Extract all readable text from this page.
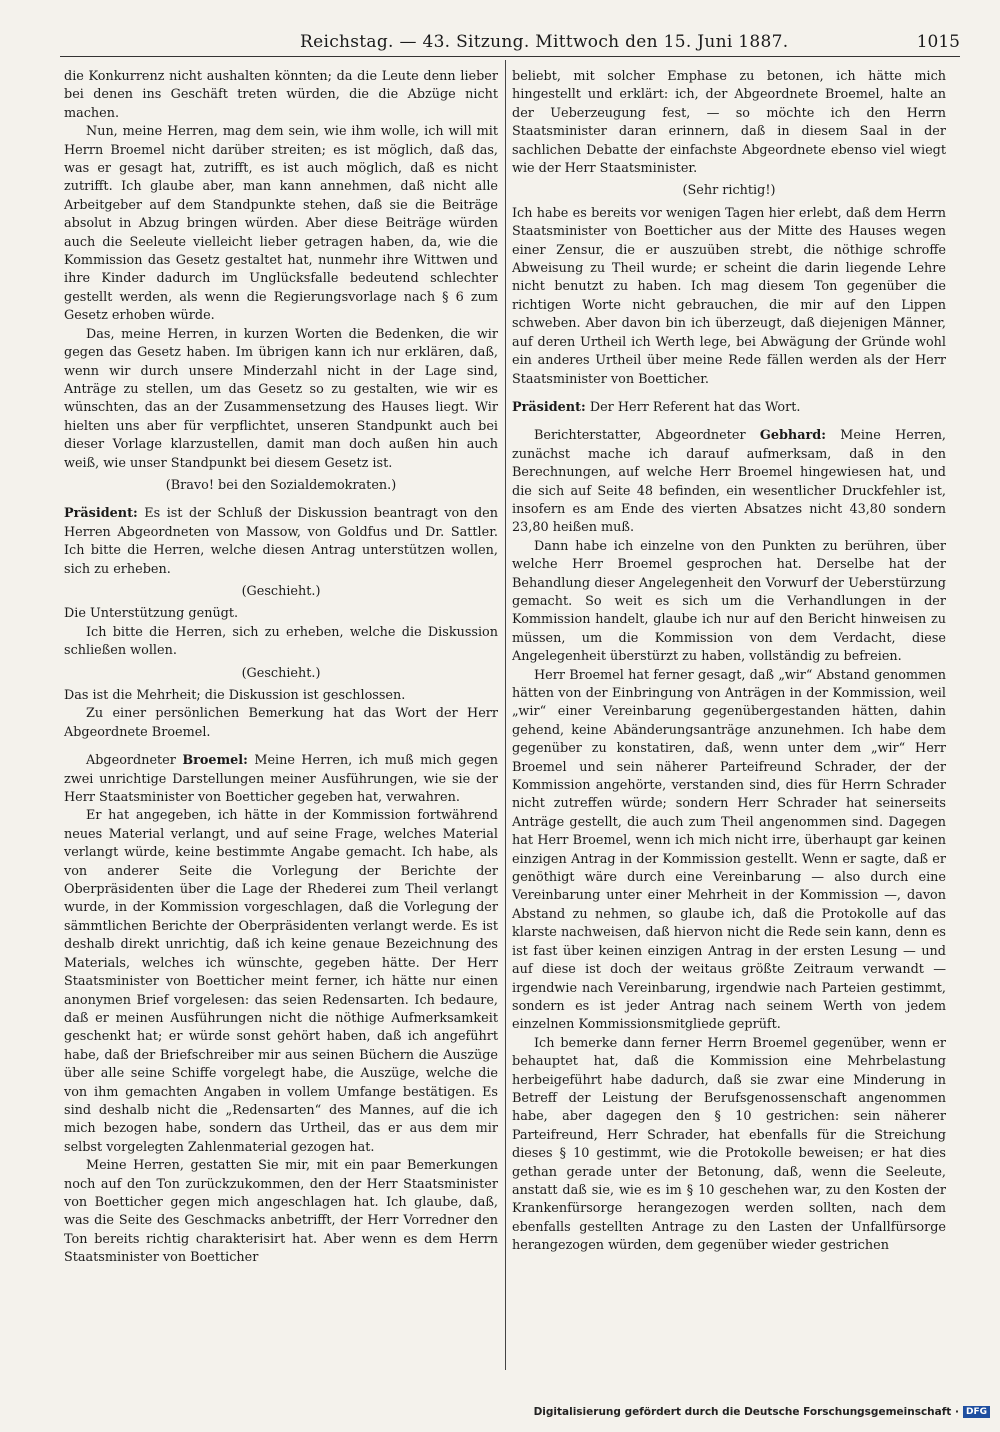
Reichstag. — 43. Sitzung. Mittwoch den 15. Juni 1887.	1015

die Konkurrenz nicht aushalten könnten; da die Leute denn lieber bei denen ins Geschäft treten würden, die die Abzüge nicht machen.

Nun, meine Herren, mag dem sein, wie ihm wolle, ich will mit Herrn Broemel nicht darüber streiten; es ist möglich, daß das, was er gesagt hat, zutrifft, es ist auch möglich, daß es nicht zutrifft. Ich glaube aber, man kann annehmen, daß nicht alle Arbeitgeber auf dem Standpunkte stehen, daß sie die Beiträge absolut in Abzug bringen würden. Aber diese Beiträge würden auch die Seeleute vielleicht lieber getragen haben, da, wie die Kommission das Gesetz gestaltet hat, nunmehr ihre Wittwen und ihre Kinder dadurch im Unglücksfalle bedeutend schlechter gestellt werden, als wenn die Regierungsvorlage nach § 6 zum Gesetz erhoben würde.

Das, meine Herren, in kurzen Worten die Bedenken, die wir gegen das Gesetz haben. Im übrigen kann ich nur erklären, daß, wenn wir durch unsere Minderzahl nicht in der Lage sind, Anträge zu stellen, um das Gesetz so zu gestalten, wie wir es wünschten, das an der Zusammensetzung des Hauses liegt. Wir hielten uns aber für verpflichtet, unseren Standpunkt auch bei dieser Vorlage klarzustellen, damit man doch außen hin auch weiß, wie unser Standpunkt bei diesem Gesetz ist.

(Bravo! bei den Sozialdemokraten.)

Präsident: Es ist der Schluß der Diskussion beantragt von den Herren Abgeordneten von Massow, von Goldfus und Dr. Sattler. Ich bitte die Herren, welche diesen Antrag unterstützen wollen, sich zu erheben.

(Geschieht.)

Die Unterstützung genügt.

Ich bitte die Herren, sich zu erheben, welche die Diskussion schließen wollen.

(Geschieht.)

Das ist die Mehrheit; die Diskussion ist geschlossen.

Zu einer persönlichen Bemerkung hat das Wort der Herr Abgeordnete Broemel.

Abgeordneter Broemel: Meine Herren, ich muß mich gegen zwei unrichtige Darstellungen meiner Ausführungen, wie sie der Herr Staatsminister von Boetticher gegeben hat, verwahren.

Er hat angegeben, ich hätte in der Kommission fortwährend neues Material verlangt, und auf seine Frage, welches Material verlangt würde, keine bestimmte Angabe gemacht. Ich habe, als von anderer Seite die Vorlegung der Berichte der Oberpräsidenten über die Lage der Rhederei zum Theil verlangt wurde, in der Kommission vorgeschlagen, daß die Vorlegung der sämmtlichen Berichte der Oberpräsidenten verlangt werde. Es ist deshalb direkt unrichtig, daß ich keine genaue Bezeichnung des Materials, welches ich wünschte, gegeben hätte. Der Herr Staatsminister von Boetticher meint ferner, ich hätte nur einen anonymen Brief vorgelesen: das seien Redensarten. Ich bedaure, daß er meinen Ausführungen nicht die nöthige Aufmerksamkeit geschenkt hat; er würde sonst gehört haben, daß ich angeführt habe, daß der Briefschreiber mir aus seinen Büchern die Auszüge über alle seine Schiffe vorgelegt habe, die Auszüge, welche die von ihm gemachten Angaben in vollem Umfange bestätigen. Es sind deshalb nicht die „Redensarten“ des Mannes, auf die ich mich bezogen habe, sondern das Urtheil, das er aus dem mir selbst vorgelegten Zahlenmaterial gezogen hat.

Meine Herren, gestatten Sie mir, mit ein paar Bemerkungen noch auf den Ton zurückzukommen, den der Herr Staatsminister von Boetticher gegen mich angeschlagen hat. Ich glaube, daß, was die Seite des Geschmacks anbetrifft, der Herr Vorredner den Ton bereits richtig charakterisirt hat. Aber wenn es dem Herrn Staatsminister von Boetticher

beliebt, mit solcher Emphase zu betonen, ich hätte mich hingestellt und erklärt: ich, der Abgeordnete Broemel, halte an der Ueberzeugung fest, — so möchte ich den Herrn Staatsminister daran erinnern, daß in diesem Saal in der sachlichen Debatte der einfachste Abgeordnete ebenso viel wiegt wie der Herr Staatsminister.

(Sehr richtig!)

Ich habe es bereits vor wenigen Tagen hier erlebt, daß dem Herrn Staatsminister von Boetticher aus der Mitte des Hauses wegen einer Zensur, die er auszuüben strebt, die nöthige schroffe Abweisung zu Theil wurde; er scheint die darin liegende Lehre nicht benutzt zu haben. Ich mag diesem Ton gegenüber die richtigen Worte nicht gebrauchen, die mir auf den Lippen schweben. Aber davon bin ich überzeugt, daß diejenigen Männer, auf deren Urtheil ich Werth lege, bei Abwägung der Gründe wohl ein anderes Urtheil über meine Rede fällen werden als der Herr Staatsminister von Boetticher.

Präsident: Der Herr Referent hat das Wort.

Berichterstatter, Abgeordneter Gebhard: Meine Herren, zunächst mache ich darauf aufmerksam, daß in den Berechnungen, auf welche Herr Broemel hingewiesen hat, und die sich auf Seite 48 befinden, ein wesentlicher Druckfehler ist, insofern es am Ende des vierten Absatzes nicht 43,80 sondern 23,80 heißen muß.

Dann habe ich einzelne von den Punkten zu berühren, über welche Herr Broemel gesprochen hat. Derselbe hat der Behandlung dieser Angelegenheit den Vorwurf der Ueberstürzung gemacht. So weit es sich um die Verhandlungen in der Kommission handelt, glaube ich nur auf den Bericht hinweisen zu müssen, um die Kommission von dem Verdacht, diese Angelegenheit überstürzt zu haben, vollständig zu befreien.

Herr Broemel hat ferner gesagt, daß „wir“ Abstand genommen hätten von der Einbringung von Anträgen in der Kommission, weil „wir“ einer Vereinbarung gegenübergestanden hätten, dahin gehend, keine Abänderungsanträge anzunehmen. Ich habe dem gegenüber zu konstatiren, daß, wenn unter dem „wir“ Herr Broemel und sein näherer Parteifreund Schrader, der der Kommission angehörte, verstanden sind, dies für Herrn Schrader nicht zutreffen würde; sondern Herr Schrader hat seinerseits Anträge gestellt, die auch zum Theil angenommen sind. Dagegen hat Herr Broemel, wenn ich mich nicht irre, überhaupt gar keinen einzigen Antrag in der Kommission gestellt. Wenn er sagte, daß er genöthigt wäre durch eine Vereinbarung — also durch eine Vereinbarung unter einer Mehrheit in der Kommission —, davon Abstand zu nehmen, so glaube ich, daß die Protokolle auf das klarste nachweisen, daß hiervon nicht die Rede sein kann, denn es ist fast über keinen einzigen Antrag in der ersten Lesung — und auf diese ist doch der weitaus größte Zeitraum verwandt — irgendwie nach Vereinbarung, irgendwie nach Parteien gestimmt, sondern es ist jeder Antrag nach seinem Werth von jedem einzelnen Kommissionsmitgliede geprüft.

Ich bemerke dann ferner Herrn Broemel gegenüber, wenn er behauptet hat, daß die Kommission eine Mehrbelastung herbeigeführt habe dadurch, daß sie zwar eine Minderung in Betreff der Leistung der Berufsgenossenschaft angenommen habe, aber dagegen den § 10 gestrichen: sein näherer Parteifreund, Herr Schrader, hat ebenfalls für die Streichung dieses § 10 gestimmt, wie die Protokolle beweisen; er hat dies gethan gerade unter der Betonung, daß, wenn die Seeleute, anstatt daß sie, wie es im § 10 geschehen war, zu den Kosten der Krankenfürsorge herangezogen werden sollten, nach dem ebenfalls gestellten Antrage zu den Lasten der Unfallfürsorge herangezogen würden, dem gegenüber wieder gestrichen

Digitalisierung gefördert durch die Deutsche Forschungsgemeinschaft · DFG
